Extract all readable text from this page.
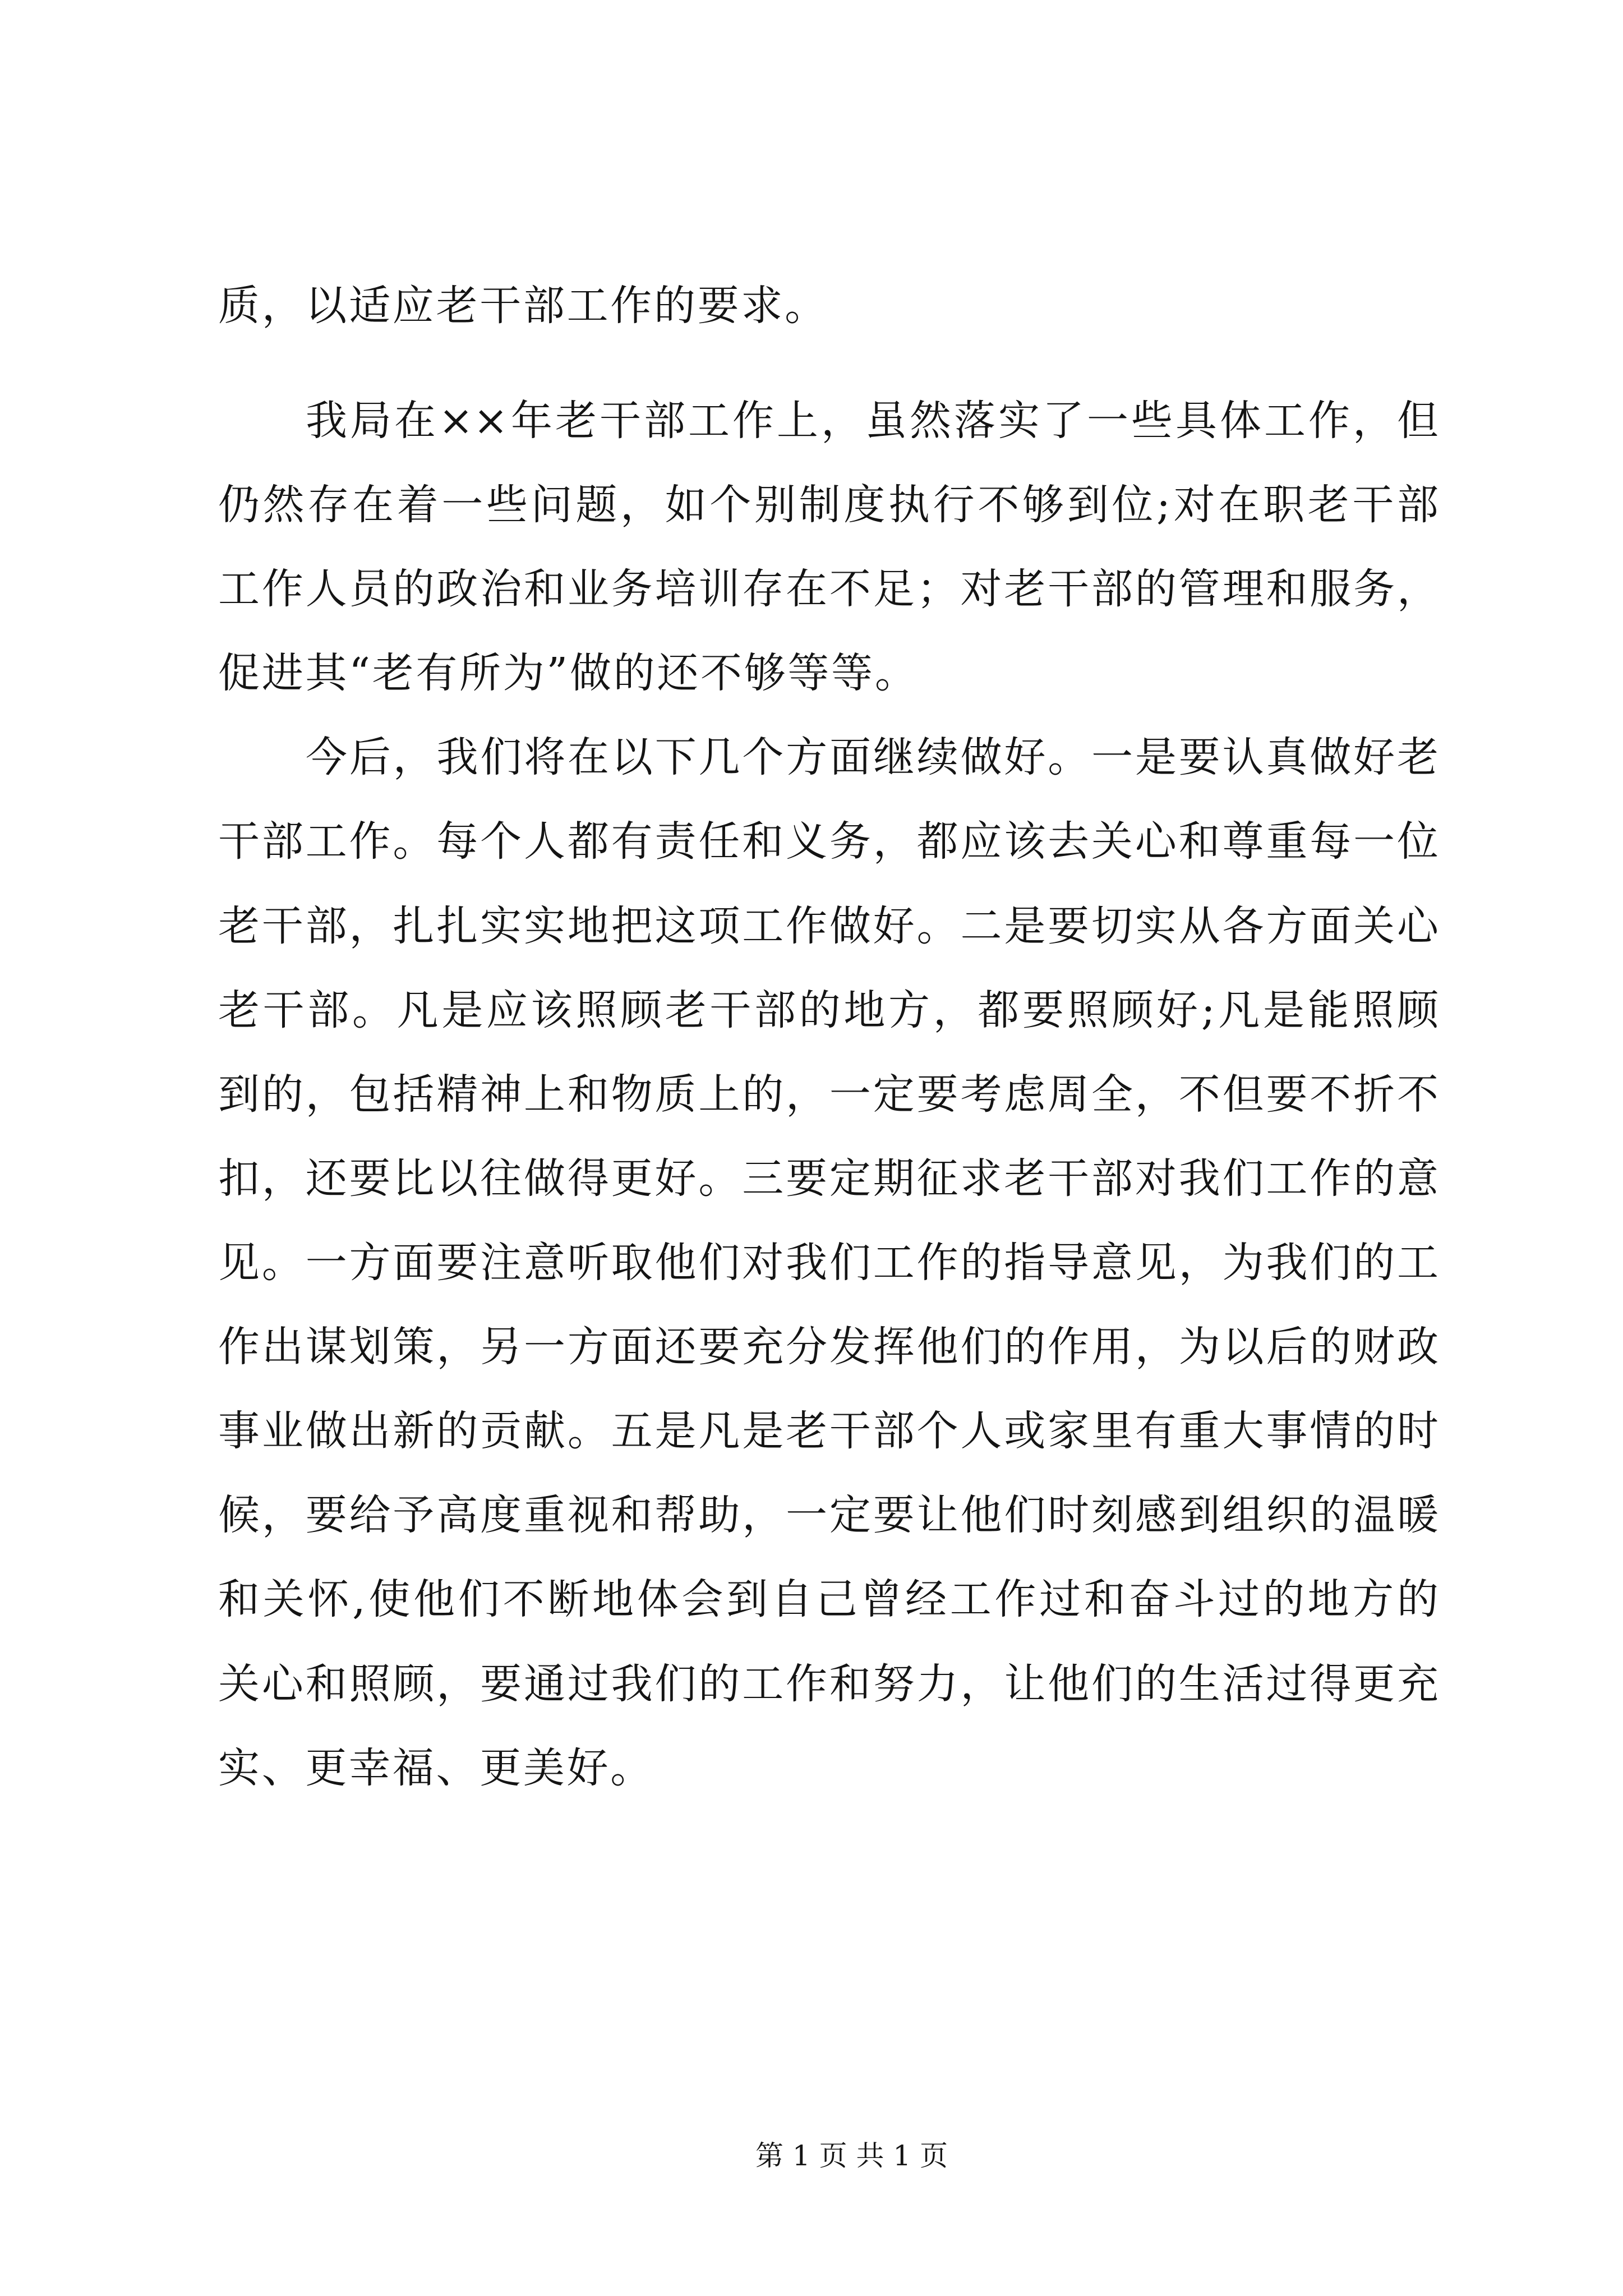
质，以适应老干部工作的要求。
我局在××年老干部工作上，虽然落实了一些具体工作，但
仍然存在着一些问题，如个别制度执行不够到位;对在职老干部
工作人员的政治和业务培训存在不足；对老干部的管理和服务，
促进其“老有所为”做的还不够等等。
今后，我们将在以下几个方面继续做好。一是要认真做好老
干部工作。每个人都有责任和义务，都应该去关心和尊重每一位
老干部，扎扎实实地把这项工作做好。二是要切实从各方面关心
老干部。凡是应该照顾老干部的地方，都要照顾好;凡是能照顾
到的，包括精神上和物质上的，一定要考虑周全，不但要不折不
扣，还要比以往做得更好。三要定期征求老干部对我们工作的意
见。一方面要注意听取他们对我们工作的指导意见，为我们的工
作出谋划策，另一方面还要充分发挥他们的作用，为以后的财政
事业做出新的贡献。五是凡是老干部个人或家里有重大事情的时
候，要给予高度重视和帮助，一定要让他们时刻感到组织的温暖
和关怀,使他们不断地体会到自己曾经工作过和奋斗过的地方的
关心和照顾，要通过我们的工作和努力，让他们的生活过得更充
实、更幸福、更美好。
第 1 页 共 1 页
